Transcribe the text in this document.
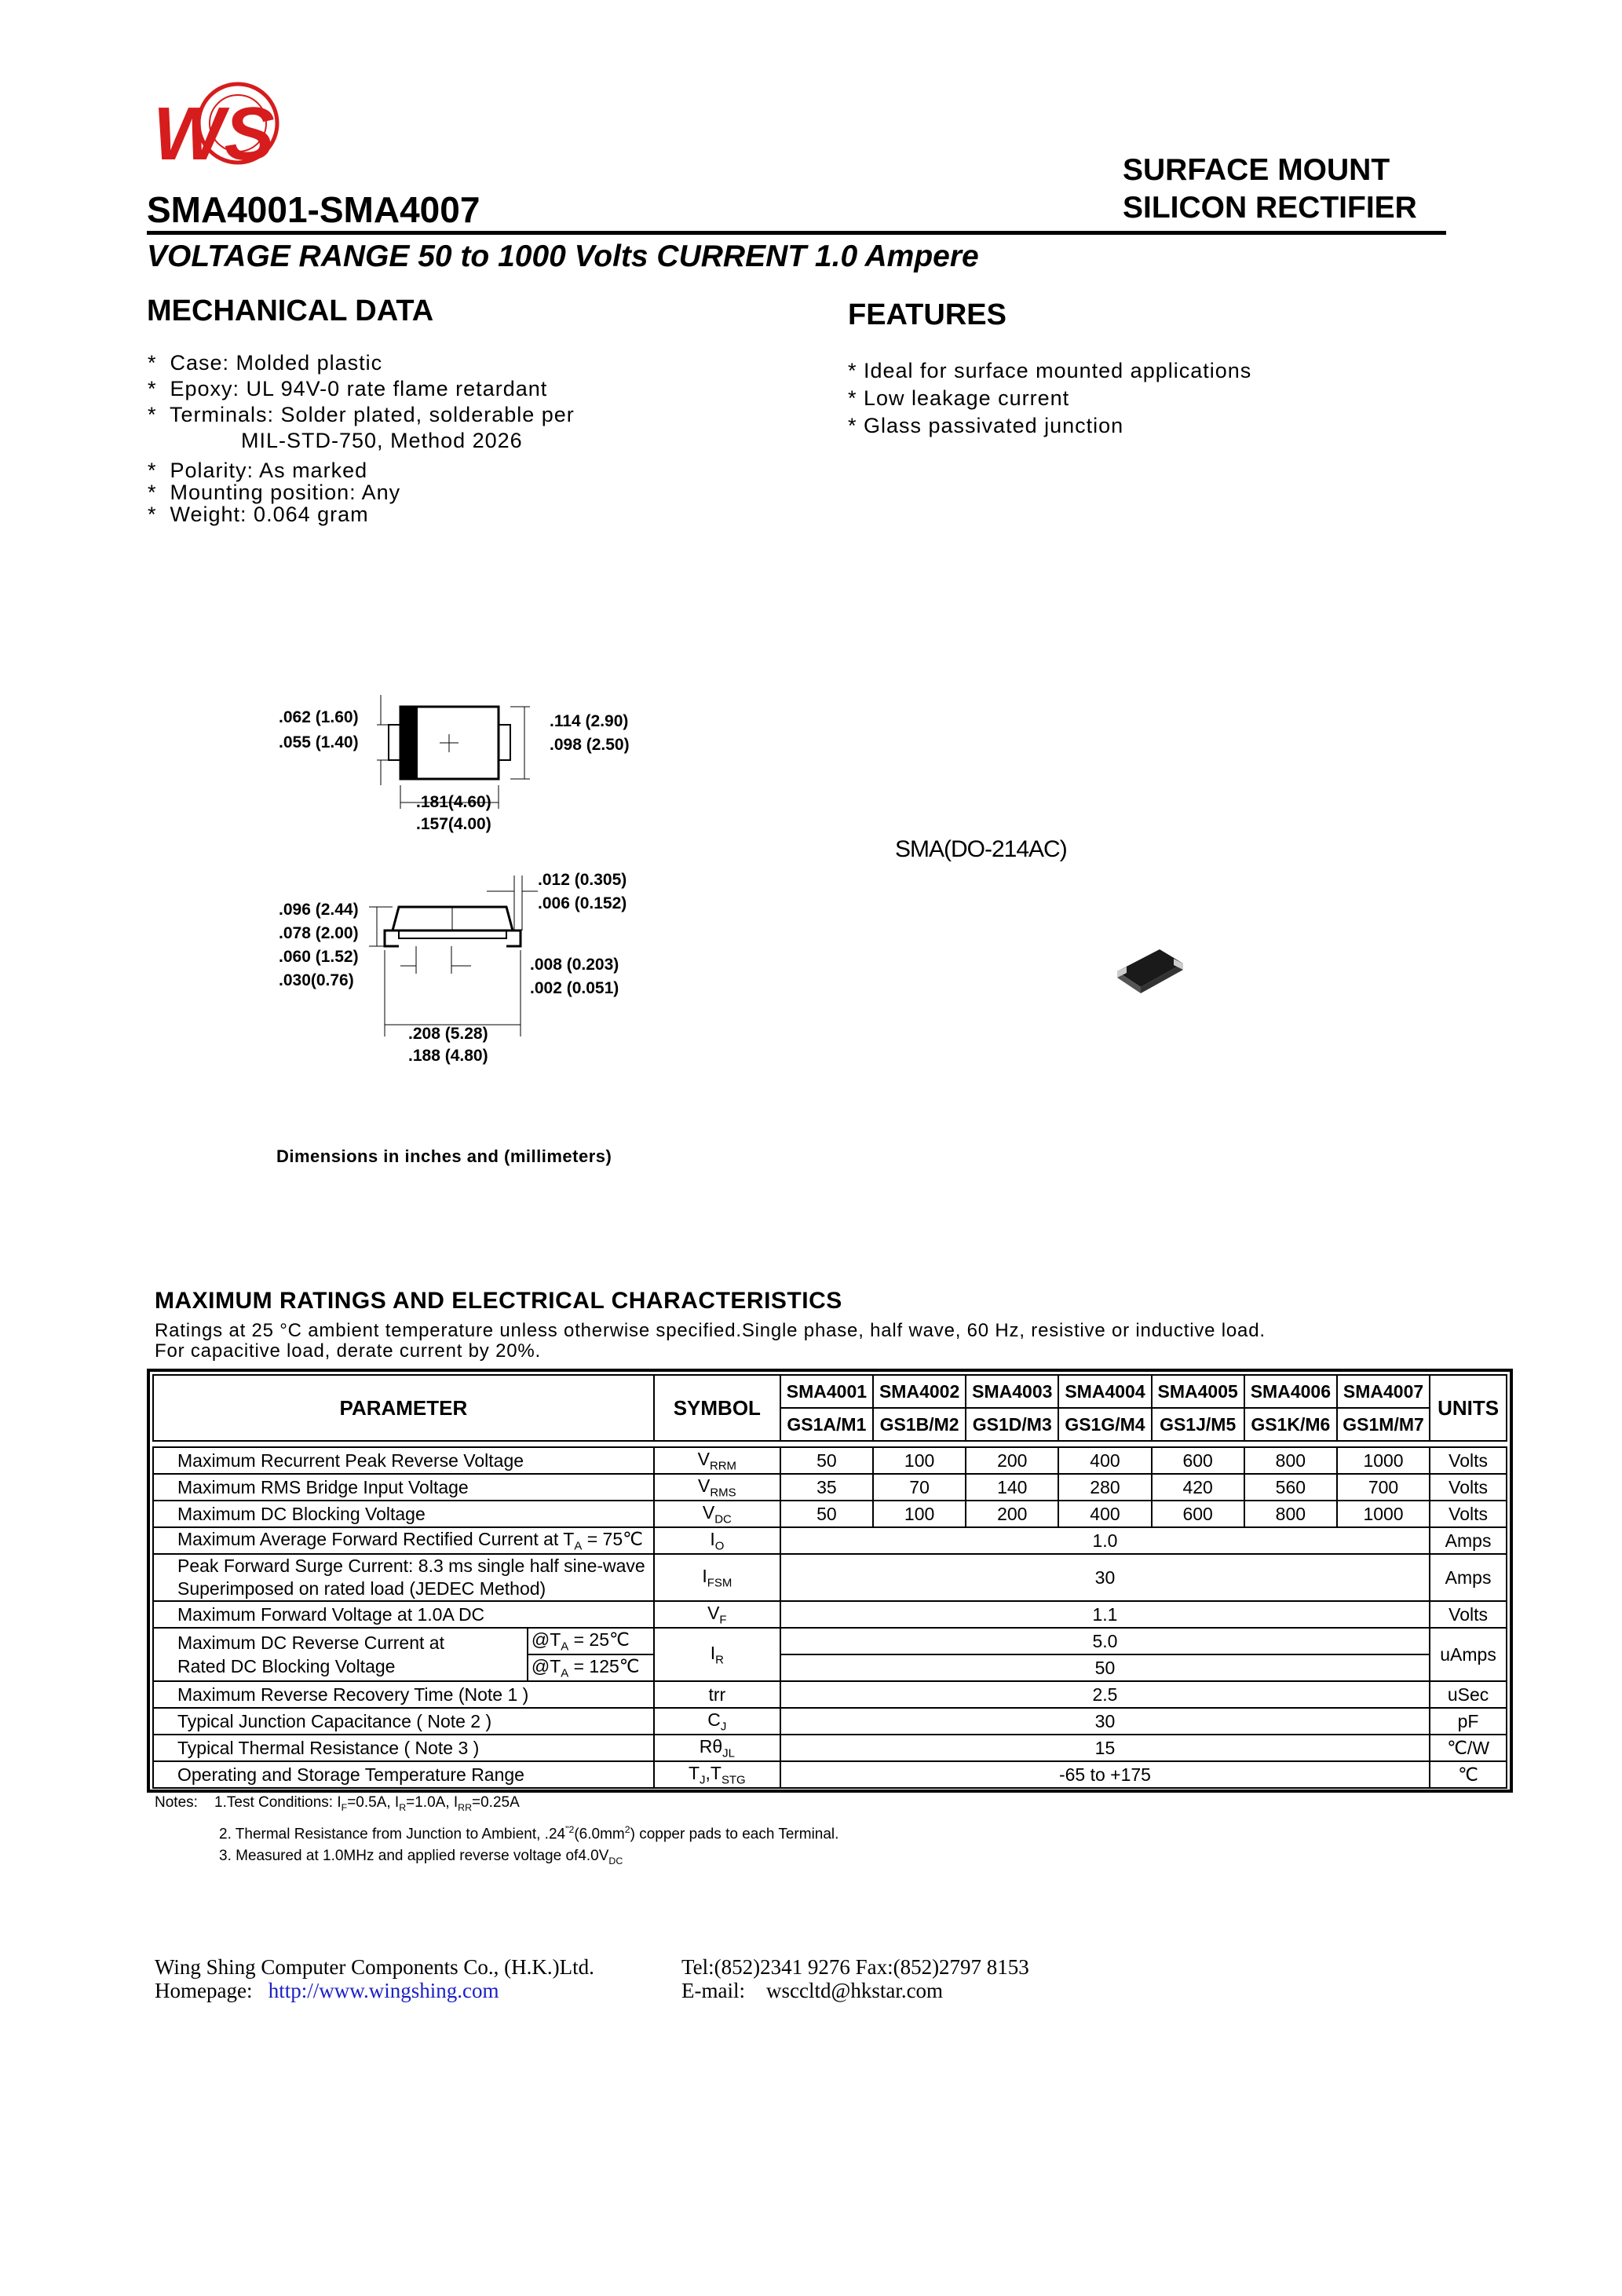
WS	SURFACE MOUNT
SILICON RECTIFIER
SMA4001-SMA4007
VOLTAGE RANGE 50 to 1000 Volts CURRENT 1.0 Ampere
MECHANICAL DATA
*  Case: Molded plastic
*  Epoxy: UL 94V-0 rate flame retardant
*  Terminals: Solder plated, solderable per
MIL-STD-750, Method 2026
*  Polarity: As marked
*  Mounting position: Any
*  Weight: 0.064 gram
FEATURES
* Ideal for surface mounted applications
* Low leakage current
* Glass passivated junction
.062 (1.60)
.055 (1.40)
.114 (2.90)
.098 (2.50)
.181(4.60)
.157(4.00)
.096 (2.44)
.078 (2.00)
.060 (1.52)
.030(0.76)
.012 (0.305)
.006 (0.152)
.008 (0.203)
.002 (0.051)
.208 (5.28)
.188 (4.80)
Dimensions in inches and (millimeters)
SMA(DO-214AC)
MAXIMUM RATINGS AND ELECTRICAL CHARACTERISTICS
Ratings at 25 °C ambient temperature unless otherwise specified.Single phase, half wave, 60 Hz, resistive or inductive load.
For capacitive load, derate current by 20%.
PARAMETER		SYMBOL	SMA4001	SMA4002	SMA4003	SMA4004	SMA4005	SMA4006	SMA4007	UNITS
			GS1A/M1	GS1B/M2	GS1D/M3	GS1G/M4	GS1J/M5	GS1K/M6	GS1M/M7	

Maximum Recurrent Peak Reverse Voltage		$V_{RRM}$	50	100	200	400	600	800	1000	Volts
Maximum RMS Bridge Input Voltage		$V_{RMS}$	35	70	140	280	420	560	700	Volts
Maximum DC Blocking Voltage		$V_{DC}$	50	100	200	400	600	800	1000	Volts
Maximum Average Forward Rectified Current at $T_A$ = 75℃		$I_O$	1.0							Amps

Peak Forward Surge Current: 8.3 ms single half sine-wave
Superimposed on rated load (JEDEC Method)		$I_{FSM}$	30							Amps
Maximum Forward Voltage at 1.0A DC		$V_F$	1.1							Volts

Maximum DC Reverse Current at
Rated DC Blocking Voltage	$@T_A$ = 25℃	$I_R$	5.0							uAmps
	$@T_A$ = 125℃		50							
Maximum Reverse Recovery Time (Note 1 )		trr	2.5							uSec
Typical Junction Capacitance ( Note 2 )		$C_J$	30							pF
Typical Thermal Resistance ( Note 3 )		$R\theta_{JL}$	15							℃/W
Operating and Storage Temperature Range		$T_J,T_{STG}$	-65 to +175							℃
Notes: 1.Test Conditions: $I_F=0.5A$, $I_R=1.0A$, $I_{RR}=0.25A$
2. Thermal Resistance from Junction to Ambient, $.24^{"2}(6.0mm^2)$ copper pads to each Terminal.
3. Measured at 1.0MHz and applied reverse voltage $of4.0V_{DC}$
Wing Shing Computer Components Co., (H.K.)Ltd.
Homepage: http://www.wingshing.com
Tel:(852)2341 9276 Fax:(852)2797 8153
E-mail: wsccltd@hkstar.com
